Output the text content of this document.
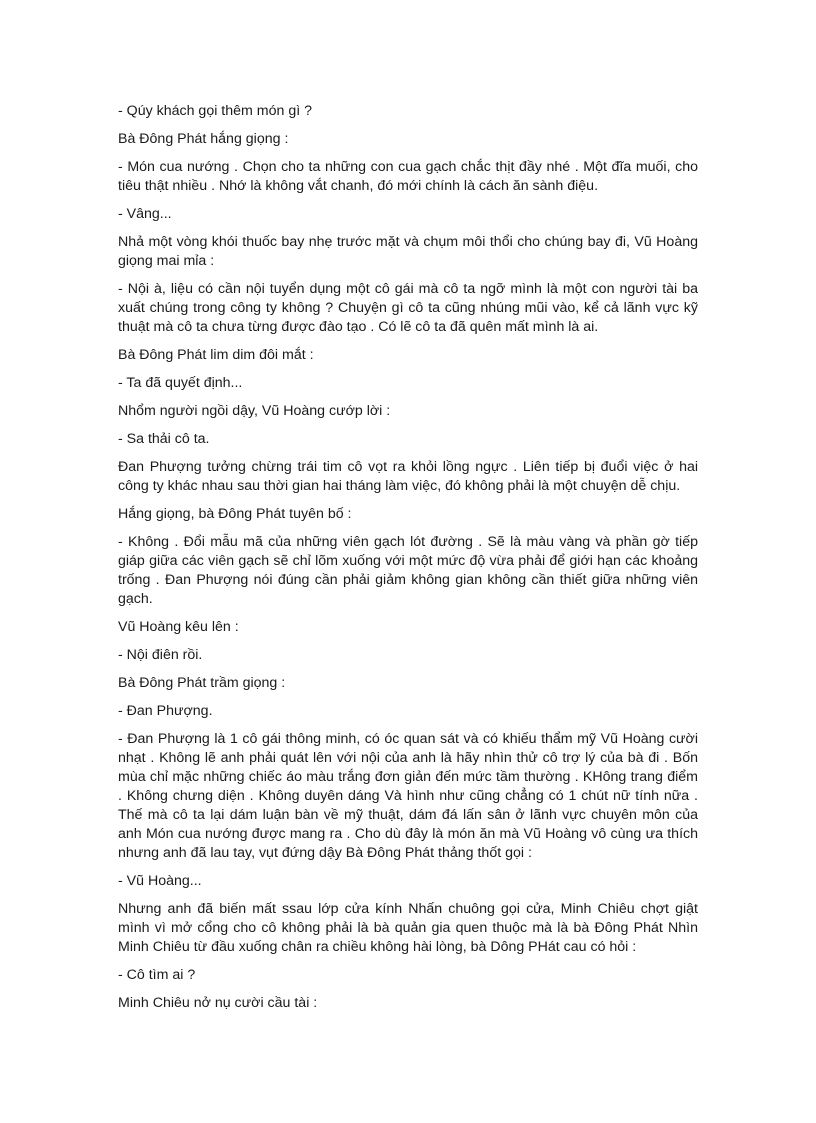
- Qúy khách gọi thêm món gì ?

Bà Đông Phát hắng giọng :

- Món cua nướng . Chọn cho ta những con cua gạch chắc thịt đầy nhé . Một đĩa muối, cho tiêu thật nhiều . Nhớ là không vắt chanh, đó mới chính là cách ăn sành điệu.

- Vâng...

Nhả một vòng khói thuốc bay nhẹ trước mặt và chụm môi thổi cho chúng bay đi, Vũ Hoàng giọng mai mỉa :

- Nội à, liệu có cần nội tuyển dụng một cô gái mà cô ta ngỡ mình là một con người tài ba xuất chúng trong công ty không ? Chuyện gì cô ta cũng nhúng mũi vào, kể cả lãnh vực kỹ thuật mà cô ta chưa từng được đào tạo . Có lẽ cô ta đã quên mất mình là ai.

Bà Đông Phát lim dim đôi mắt :

- Ta đã quyết định...

Nhổm người ngồi dậy, Vũ Hoàng cướp lời :

- Sa thải cô ta.

Đan Phượng tưởng chừng trái tim cô vọt ra khỏi lồng ngực . Liên tiếp bị đuổi việc ở hai công ty khác nhau sau thời gian hai tháng làm việc, đó không phải là một chuyện dễ chịu.

Hắng giọng, bà Đông Phát tuyên bố :

- Không . Đổi mẫu mã của những viên gạch lót đường . Sẽ là màu vàng và phần gờ tiếp giáp giữa các viên gạch sẽ chỉ lõm xuống với một mức độ vừa phải để giới hạn các khoảng trống . Đan Phượng nói đúng cần phải giảm không gian không cần thiết giữa những viên gạch.

Vũ Hoàng kêu lên :

- Nội điên rồi.

Bà Đông Phát trầm giọng :

- Đan Phượng.

- Đan Phượng là 1 cô gái thông minh, có óc quan sát và có khiếu thẩm mỹ Vũ Hoàng cười nhạt . Không lẽ anh phải quát lên với nội của anh là hãy nhìn thử cô trợ lý của bà đi . Bốn mùa chỉ mặc những chiếc áo màu trắng đơn giản đến mức tầm thường . KHông trang điểm . Không chưng diện . Không duyên dáng Và hình như cũng chẳng có 1 chút nữ tính nữa . Thế mà cô ta lại dám luận bàn về mỹ thuật, dám đá lấn sân ở lãnh vực chuyên môn của anh Món cua nướng được mang ra . Cho dù đây là món ăn mà Vũ Hoàng vô cùng ưa thích nhưng anh đã lau tay, vụt đứng dậy Bà Đông Phát thảng thốt gọi :

- Vũ Hoàng...

Nhưng anh đã biến mất ssau lớp cửa kính Nhấn chuông gọi cửa, Minh Chiêu chợt giật mình vì mở cổng cho cô không phải là bà quản gia quen thuộc mà là bà Đông Phát Nhìn Minh Chiêu từ đầu xuống chân ra chiều không hài lòng, bà Dông PHát cau có hỏi :

- Cô tìm ai ?

Minh Chiêu nở nụ cười cầu tài :
